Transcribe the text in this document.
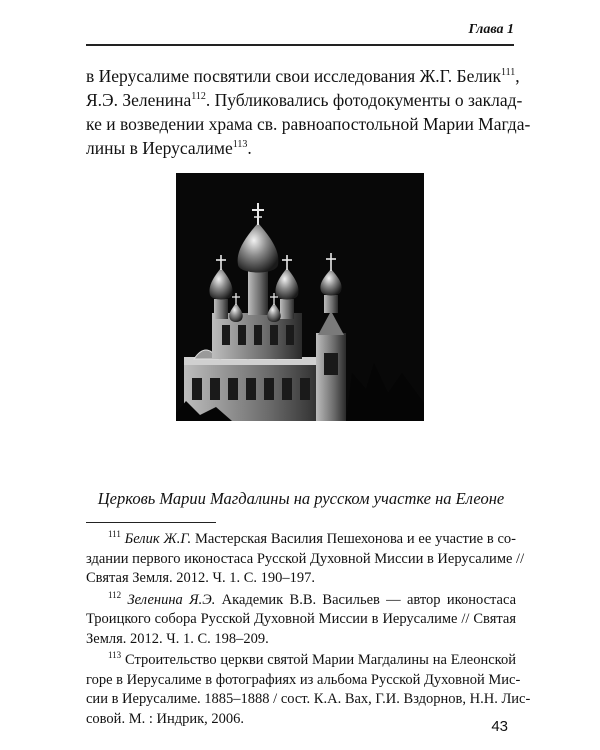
Глава 1
в Иерусалиме посвятили свои исследования Ж.Г. Белик$^{111}$,
Я.Э. Зеленина$^{112}$. Публиковались фотодокументы о заклад-
ке и возведении храма св. равноапостольной Марии Магда-
лины в Иерусалиме$^{113}$.
Церковь Марии Магдалины на русском участке на Елеоне
$^{111}$ Белик Ж.Г. Мастерская Василия Пешехонова и ее участие в со-
здании первого иконостаса Русской Духовной Миссии в Иерусалиме //
Святая Земля. 2012. Ч. 1. С. 190–197.
$^{112}$ Зеленина Я.Э. Академик В.В. Васильев — автор иконостаса
Троицкого собора Русской Духовной Миссии в Иерусалиме // Святая
Земля. 2012. Ч. 1. С. 198–209.
$^{113}$ Строительство церкви святой Марии Магдалины на Елеонской
горе в Иерусалиме в фотографиях из альбома Русской Духовной Мис-
сии в Иерусалиме. 1885–1888 / сост. К.А. Вах, Г.И. Вздорнов, Н.Н. Лис-
совой. М. : Индрик, 2006.	43
